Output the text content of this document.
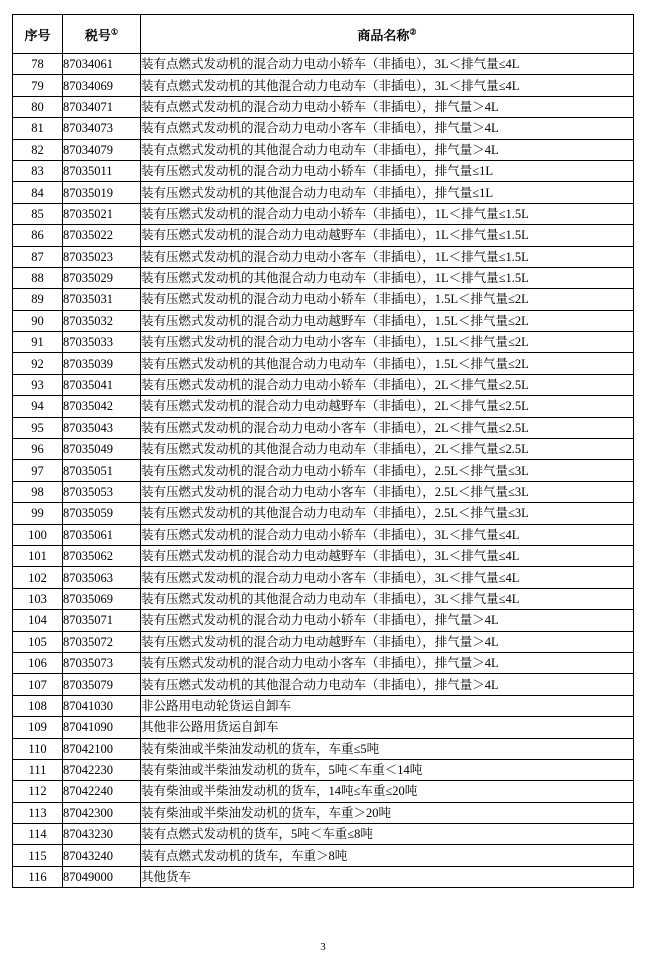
序号	税号①	商品名称②
78	87034061	装有点燃式发动机的混合动力电动小轿车（非插电），3L＜排气量≤4L
79	87034069	装有点燃式发动机的其他混合动力电动车（非插电），3L＜排气量≤4L
80	87034071	装有点燃式发动机的混合动力电动小轿车（非插电），排气量＞4L
81	87034073	装有点燃式发动机的混合动力电动小客车（非插电），排气量＞4L
82	87034079	装有点燃式发动机的其他混合动力电动车（非插电），排气量＞4L
83	87035011	装有压燃式发动机的混合动力电动小轿车（非插电），排气量≤1L
84	87035019	装有压燃式发动机的其他混合动力电动车（非插电），排气量≤1L
85	87035021	装有压燃式发动机的混合动力电动小轿车（非插电），1L＜排气量≤1.5L
86	87035022	装有压燃式发动机的混合动力电动越野车（非插电），1L＜排气量≤1.5L
87	87035023	装有压燃式发动机的混合动力电动小客车（非插电），1L＜排气量≤1.5L
88	87035029	装有压燃式发动机的其他混合动力电动车（非插电），1L＜排气量≤1.5L
89	87035031	装有压燃式发动机的混合动力电动小轿车（非插电），1.5L＜排气量≤2L
90	87035032	装有压燃式发动机的混合动力电动越野车（非插电），1.5L＜排气量≤2L
91	87035033	装有压燃式发动机的混合动力电动小客车（非插电），1.5L＜排气量≤2L
92	87035039	装有压燃式发动机的其他混合动力电动车（非插电），1.5L＜排气量≤2L
93	87035041	装有压燃式发动机的混合动力电动小轿车（非插电），2L＜排气量≤2.5L
94	87035042	装有压燃式发动机的混合动力电动越野车（非插电），2L＜排气量≤2.5L
95	87035043	装有压燃式发动机的混合动力电动小客车（非插电），2L＜排气量≤2.5L
96	87035049	装有压燃式发动机的其他混合动力电动车（非插电），2L＜排气量≤2.5L
97	87035051	装有压燃式发动机的混合动力电动小轿车（非插电），2.5L＜排气量≤3L
98	87035053	装有压燃式发动机的混合动力电动小客车（非插电），2.5L＜排气量≤3L
99	87035059	装有压燃式发动机的其他混合动力电动车（非插电），2.5L＜排气量≤3L
100	87035061	装有压燃式发动机的混合动力电动小轿车（非插电），3L＜排气量≤4L
101	87035062	装有压燃式发动机的混合动力电动越野车（非插电），3L＜排气量≤4L
102	87035063	装有压燃式发动机的混合动力电动小客车（非插电），3L＜排气量≤4L
103	87035069	装有压燃式发动机的其他混合动力电动车（非插电），3L＜排气量≤4L
104	87035071	装有压燃式发动机的混合动力电动小轿车（非插电），排气量＞4L
105	87035072	装有压燃式发动机的混合动力电动越野车（非插电），排气量＞4L
106	87035073	装有压燃式发动机的混合动力电动小客车（非插电），排气量＞4L
107	87035079	装有压燃式发动机的其他混合动力电动车（非插电），排气量＞4L
108	87041030	非公路用电动轮货运自卸车
109	87041090	其他非公路用货运自卸车
110	87042100	装有柴油或半柴油发动机的货车，车重≤5吨
111	87042230	装有柴油或半柴油发动机的货车，5吨＜车重＜14吨
112	87042240	装有柴油或半柴油发动机的货车，14吨≤车重≤20吨
113	87042300	装有柴油或半柴油发动机的货车，车重＞20吨
114	87043230	装有点燃式发动机的货车，5吨＜车重≤8吨
115	87043240	装有点燃式发动机的货车，车重＞8吨
116	87049000	其他货车
3
